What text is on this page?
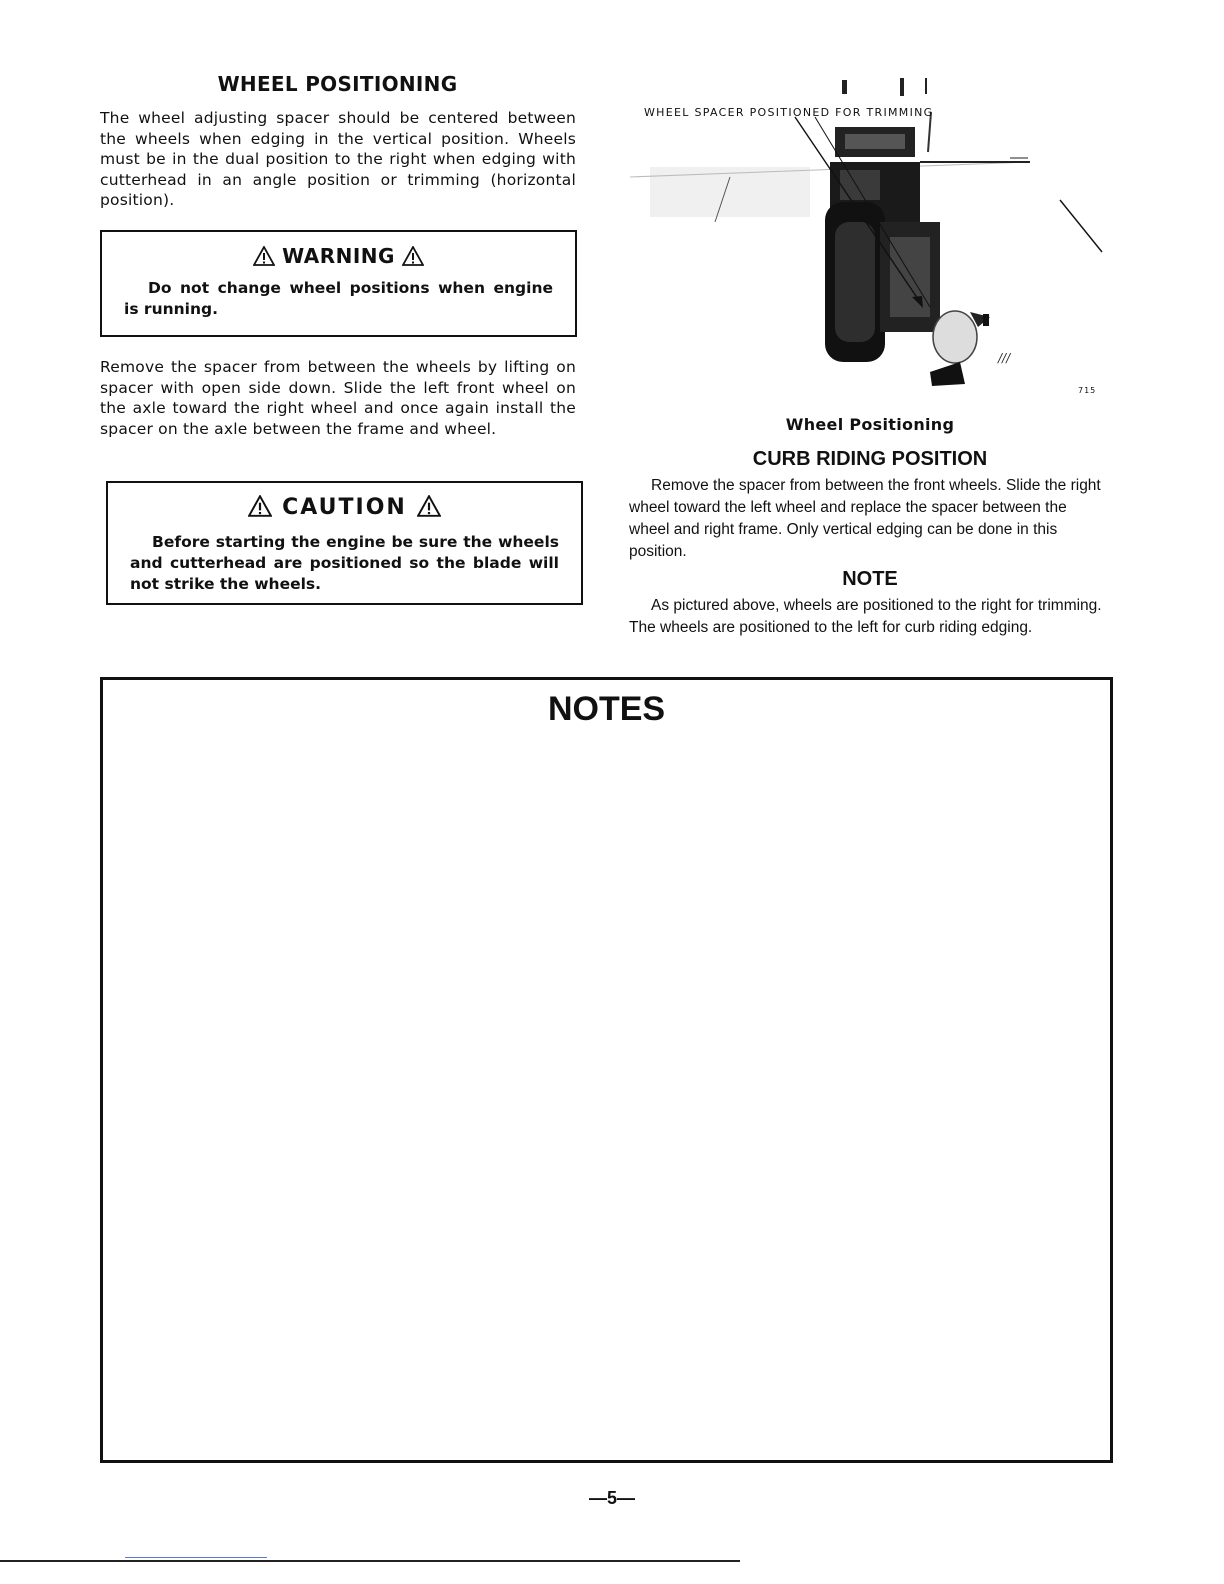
WHEEL POSITIONING
The wheel adjusting spacer should be centered between the wheels when edging in the vertical position. Wheels must be in the dual position to the right when edging with cutterhead in an angle position or trimming (horizontal position).
WARNING
Do not change wheel positions when engine is running.
Remove the spacer from between the wheels by lifting on spacer with open side down. Slide the left front wheel on the axle toward the right wheel and once again install the spacer on the axle between the frame and wheel.
CAUTION
Before starting the engine be sure the wheels and cutterhead are positioned so the blade will not strike the wheels.
///
WHEEL SPACER POSITIONED FOR TRIMMING
715
Wheel Positioning
CURB RIDING POSITION
Remove the spacer from between the front wheels. Slide the right wheel toward the left wheel and replace the spacer between the wheel and right frame. Only vertical edging can be done in this position.
NOTE
As pictured above, wheels are positioned to the right for trimming. The wheels are positioned to the left for curb riding edging.
NOTES
—5—
